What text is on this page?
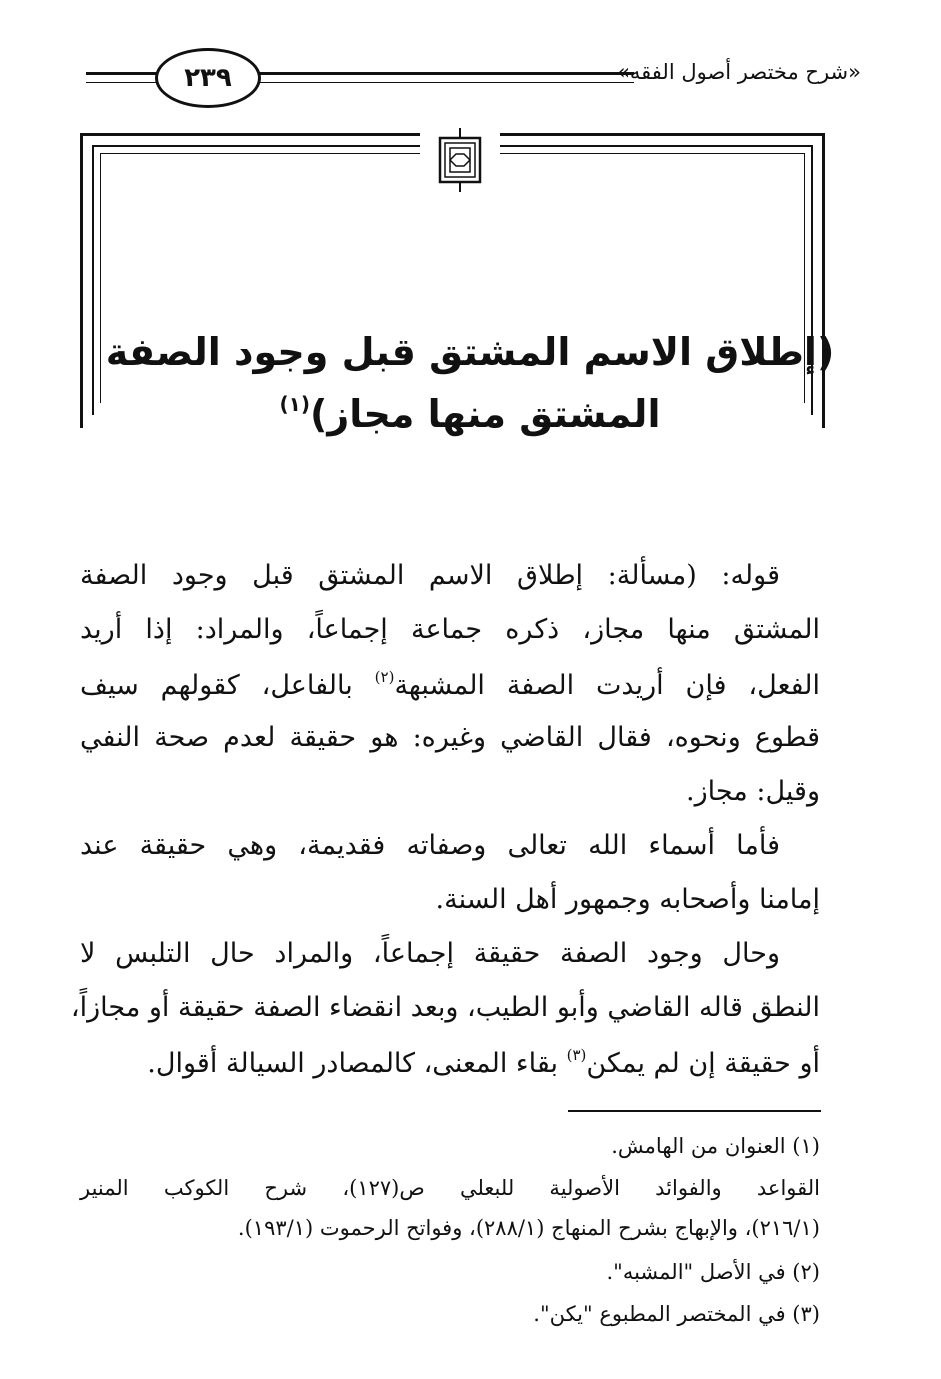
٢٣٩	«شرح مختصر أصول الفقه»
(إطلاق الاسم المشتق قبل وجود الصفة
المشتق منها مجاز)$^{(١)}$
قوله: (مسألة: إطلاق الاسم المشتق قبل وجود الصفة
المشتق منها مجاز، ذكره جماعة إجماعاً، والمراد: إذا أريد
الفعل، فإن أريدت الصفة المشبهة$^{(٢)}$ بالفاعل، كقولهم سيف
قطوع ونحوه، فقال القاضي وغيره: هو حقيقة لعدم صحة النفي
وقيل: مجاز.
فأما أسماء الله تعالى وصفاته فقديمة، وهي حقيقة عند
إمامنا وأصحابه وجمهور أهل السنة.
وحال وجود الصفة حقيقة إجماعاً، والمراد حال التلبس لا
النطق قاله القاضي وأبو الطيب، وبعد انقضاء الصفة حقيقة أو مجازاً،
أو حقيقة إن لم يمكن$^{(٣)}$ بقاء المعنى، كالمصادر السيالة أقوال.
(١) العنوان من الهامش.
القواعد والفوائد الأصولية للبعلي ص(١٢٧)، شرح الكوكب المنير
(٢١٦/١)، والإبهاج بشرح المنهاج (٢٨٨/١)، وفواتح الرحموت (١٩٣/١).
(٢) في الأصل "المشبه".
(٣) في المختصر المطبوع "يكن".
